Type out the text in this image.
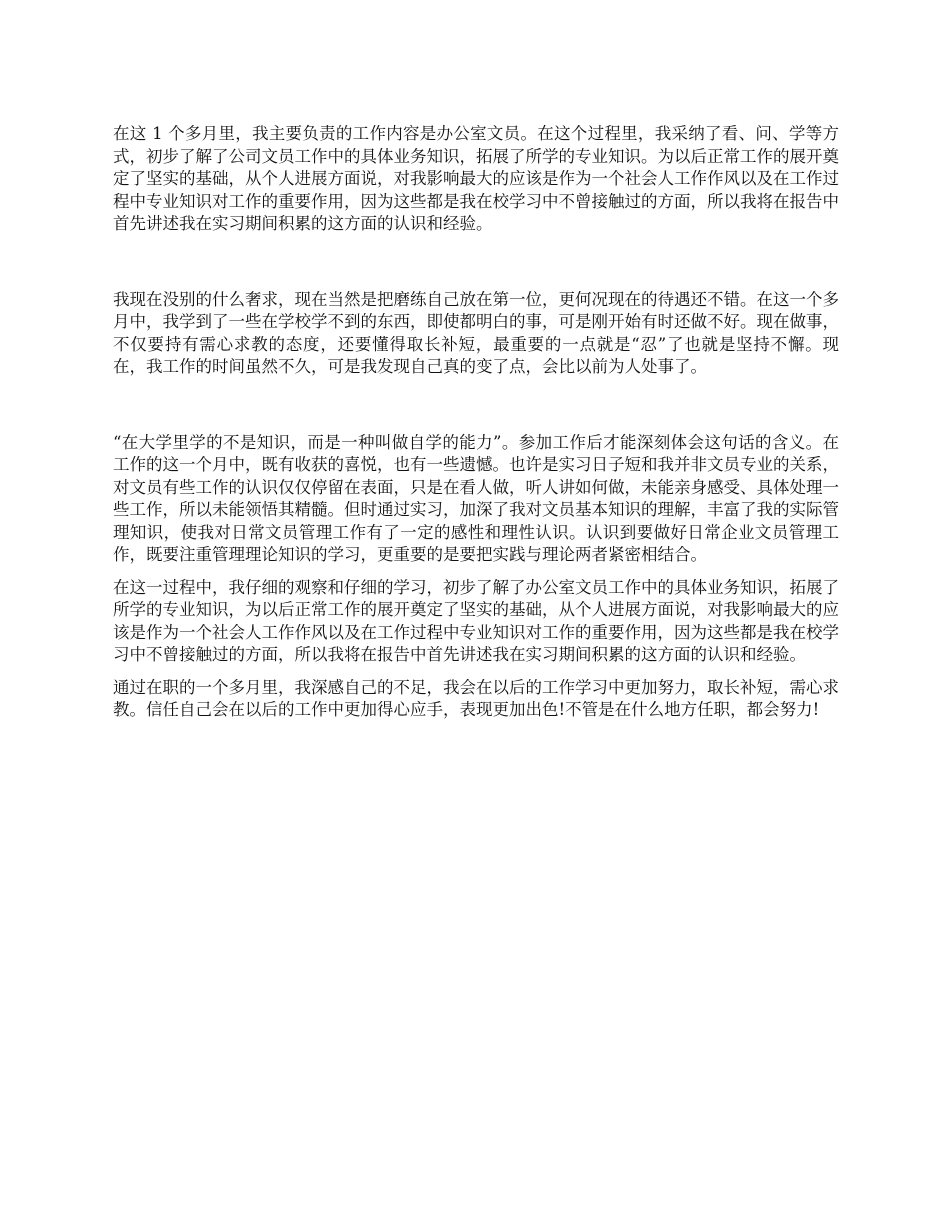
在这 1 个多月里，我主要负责的工作内容是办公室文员。在这个过程里，我采纳了看、问、学等方式，初步了解了公司文员工作中的具体业务知识，拓展了所学的专业知识。为以后正常工作的展开奠定了坚实的基础，从个人进展方面说，对我影响最大的应该是作为一个社会人工作作风以及在工作过程中专业知识对工作的重要作用，因为这些都是我在校学习中不曾接触过的方面，所以我将在报告中首先讲述我在实习期间积累的这方面的认识和经验。

我现在没别的什么奢求，现在当然是把磨练自己放在第一位，更何况现在的待遇还不错。在这一个多月中，我学到了一些在学校学不到的东西，即使都明白的事，可是刚开始有时还做不好。现在做事，不仅要持有需心求教的态度，还要懂得取长补短，最重要的一点就是“忍”了也就是坚持不懈。现在，我工作的时间虽然不久，可是我发现自己真的变了点，会比以前为人处事了。

“在大学里学的不是知识，而是一种叫做自学的能力”。参加工作后才能深刻体会这句话的含义。在工作的这一个月中，既有收获的喜悦，也有一些遗憾。也许是实习日子短和我并非文员专业的关系，对文员有些工作的认识仅仅停留在表面，只是在看人做，听人讲如何做，未能亲身感受、具体处理一些工作，所以未能领悟其精髓。但时通过实习，加深了我对文员基本知识的理解，丰富了我的实际管理知识，使我对日常文员管理工作有了一定的感性和理性认识。认识到要做好日常企业文员管理工作，既要注重管理理论知识的学习，更重要的是要把实践与理论两者紧密相结合。

在这一过程中，我仔细的观察和仔细的学习，初步了解了办公室文员工作中的具体业务知识，拓展了所学的专业知识，为以后正常工作的展开奠定了坚实的基础，从个人进展方面说，对我影响最大的应该是作为一个社会人工作作风以及在工作过程中专业知识对工作的重要作用，因为这些都是我在校学习中不曾接触过的方面，所以我将在报告中首先讲述我在实习期间积累的这方面的认识和经验。

通过在职的一个多月里，我深感自己的不足，我会在以后的工作学习中更加努力，取长补短，需心求教。信任自己会在以后的工作中更加得心应手，表现更加出色!不管是在什么地方任职，都会努力!
